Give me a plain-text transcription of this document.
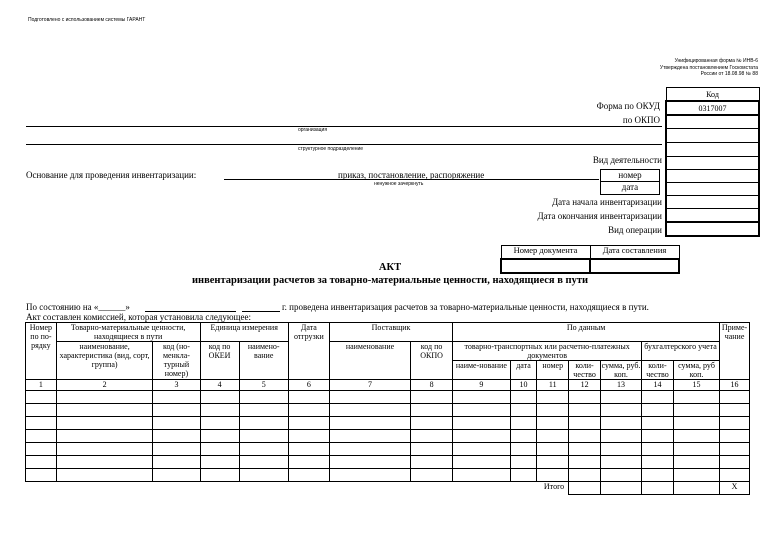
Подготовлено с использованием системы ГАРАНТ
Унифицированная форма № ИНВ-6
Утверждена постановлением Госкомстата
России от 18.08.98 № 88
Код
0317007

Форма по ОКУД
по ОКПО
Вид деятельности
номер
дата
Дата начала инвентаризации
Дата окончания инвентаризации
Вид операции
организация
структурное подразделение
Основание для проведения инвентаризации:	приказ, постановление, распоряжение
ненужное зачеркнуть
Номер документа	Дата составления

АКТ
инвентаризации расчетов за товарно-материальные ценности, находящиеся в пути
По состоянию на «______»	г. проведена инвентаризация расчетов за товарно-материальные ценности, находящиеся в пути.
Акт составлен комиссией, которая установила следующее:
Номер по по-рядку	Товарно-материальные ценности, находящиеся в пути		Единица измерения		Дата отгрузки	Поставщик		По данным							Приме-чание
	наименование, характеристика (вид, сорт, группа)	код (но-менкла-турный номер)	код по ОКЕИ	наимено-вание		наименование	код по ОКПО	товарно-транспортных или расчетно-платежных документов					бухгалтерского учета		
								наиме-нование	дата	номер	коли-чество	сумма, руб. коп.	коли-чество	сумма, руб коп.	
1	2	3	4	5	6	7	8	9	10	11	12	13	14	15	16

Итого															X
